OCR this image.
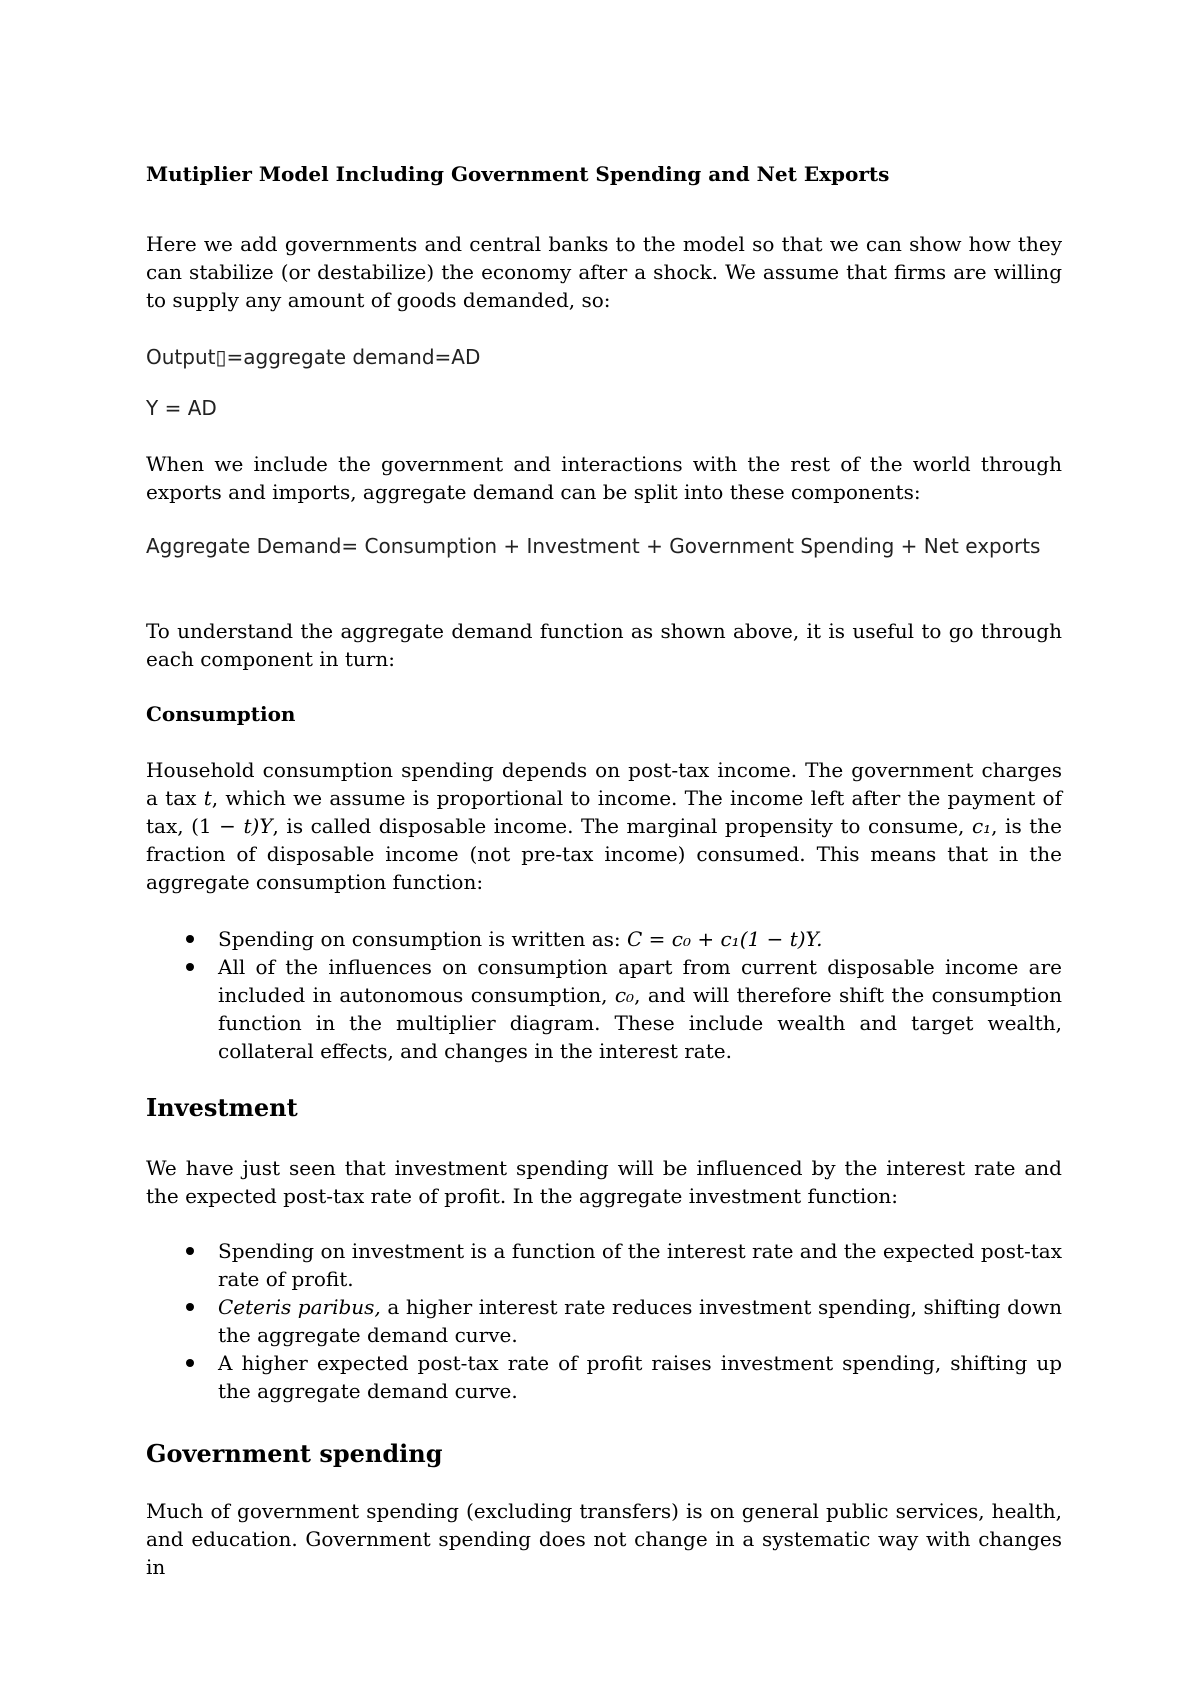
Mutiplier Model Including Government Spending and Net Exports

Here we add governments and central banks to the model so that we can show how they can stabilize (or destabilize) the economy after a shock. We assume that firms are willing to supply any amount of goods demanded, so:

Output▯=aggregate demand=AD

Y = AD

When we include the government and interactions with the rest of the world through exports and imports, aggregate demand can be split into these components:

Aggregate Demand= Consumption + Investment + Government Spending + Net exports

To understand the aggregate demand function as shown above, it is useful to go through each component in turn:

Consumption

Household consumption spending depends on post-tax income. The government charges a tax t, which we assume is proportional to income. The income left after the payment of tax, (1 − t)Y, is called disposable income. The marginal propensity to consume, c₁, is the fraction of disposable income (not pre-tax income) consumed. This means that in the aggregate consumption function:

Spending on consumption is written as: C = c₀ + c₁(1 − t)Y.
All of the influences on consumption apart from current disposable income are included in autonomous consumption, c₀, and will therefore shift the consumption function in the multiplier diagram. These include wealth and target wealth, collateral effects, and changes in the interest rate.

Investment

We have just seen that investment spending will be influenced by the interest rate and the expected post-tax rate of profit. In the aggregate investment function:

Spending on investment is a function of the interest rate and the expected post-tax rate of profit.
Ceteris paribus, a higher interest rate reduces investment spending, shifting down the aggregate demand curve.
A higher expected post-tax rate of profit raises investment spending, shifting up the aggregate demand curve.

Government spending

Much of government spending (excluding transfers) is on general public services, health, and education. Government spending does not change in a systematic way with changes in
